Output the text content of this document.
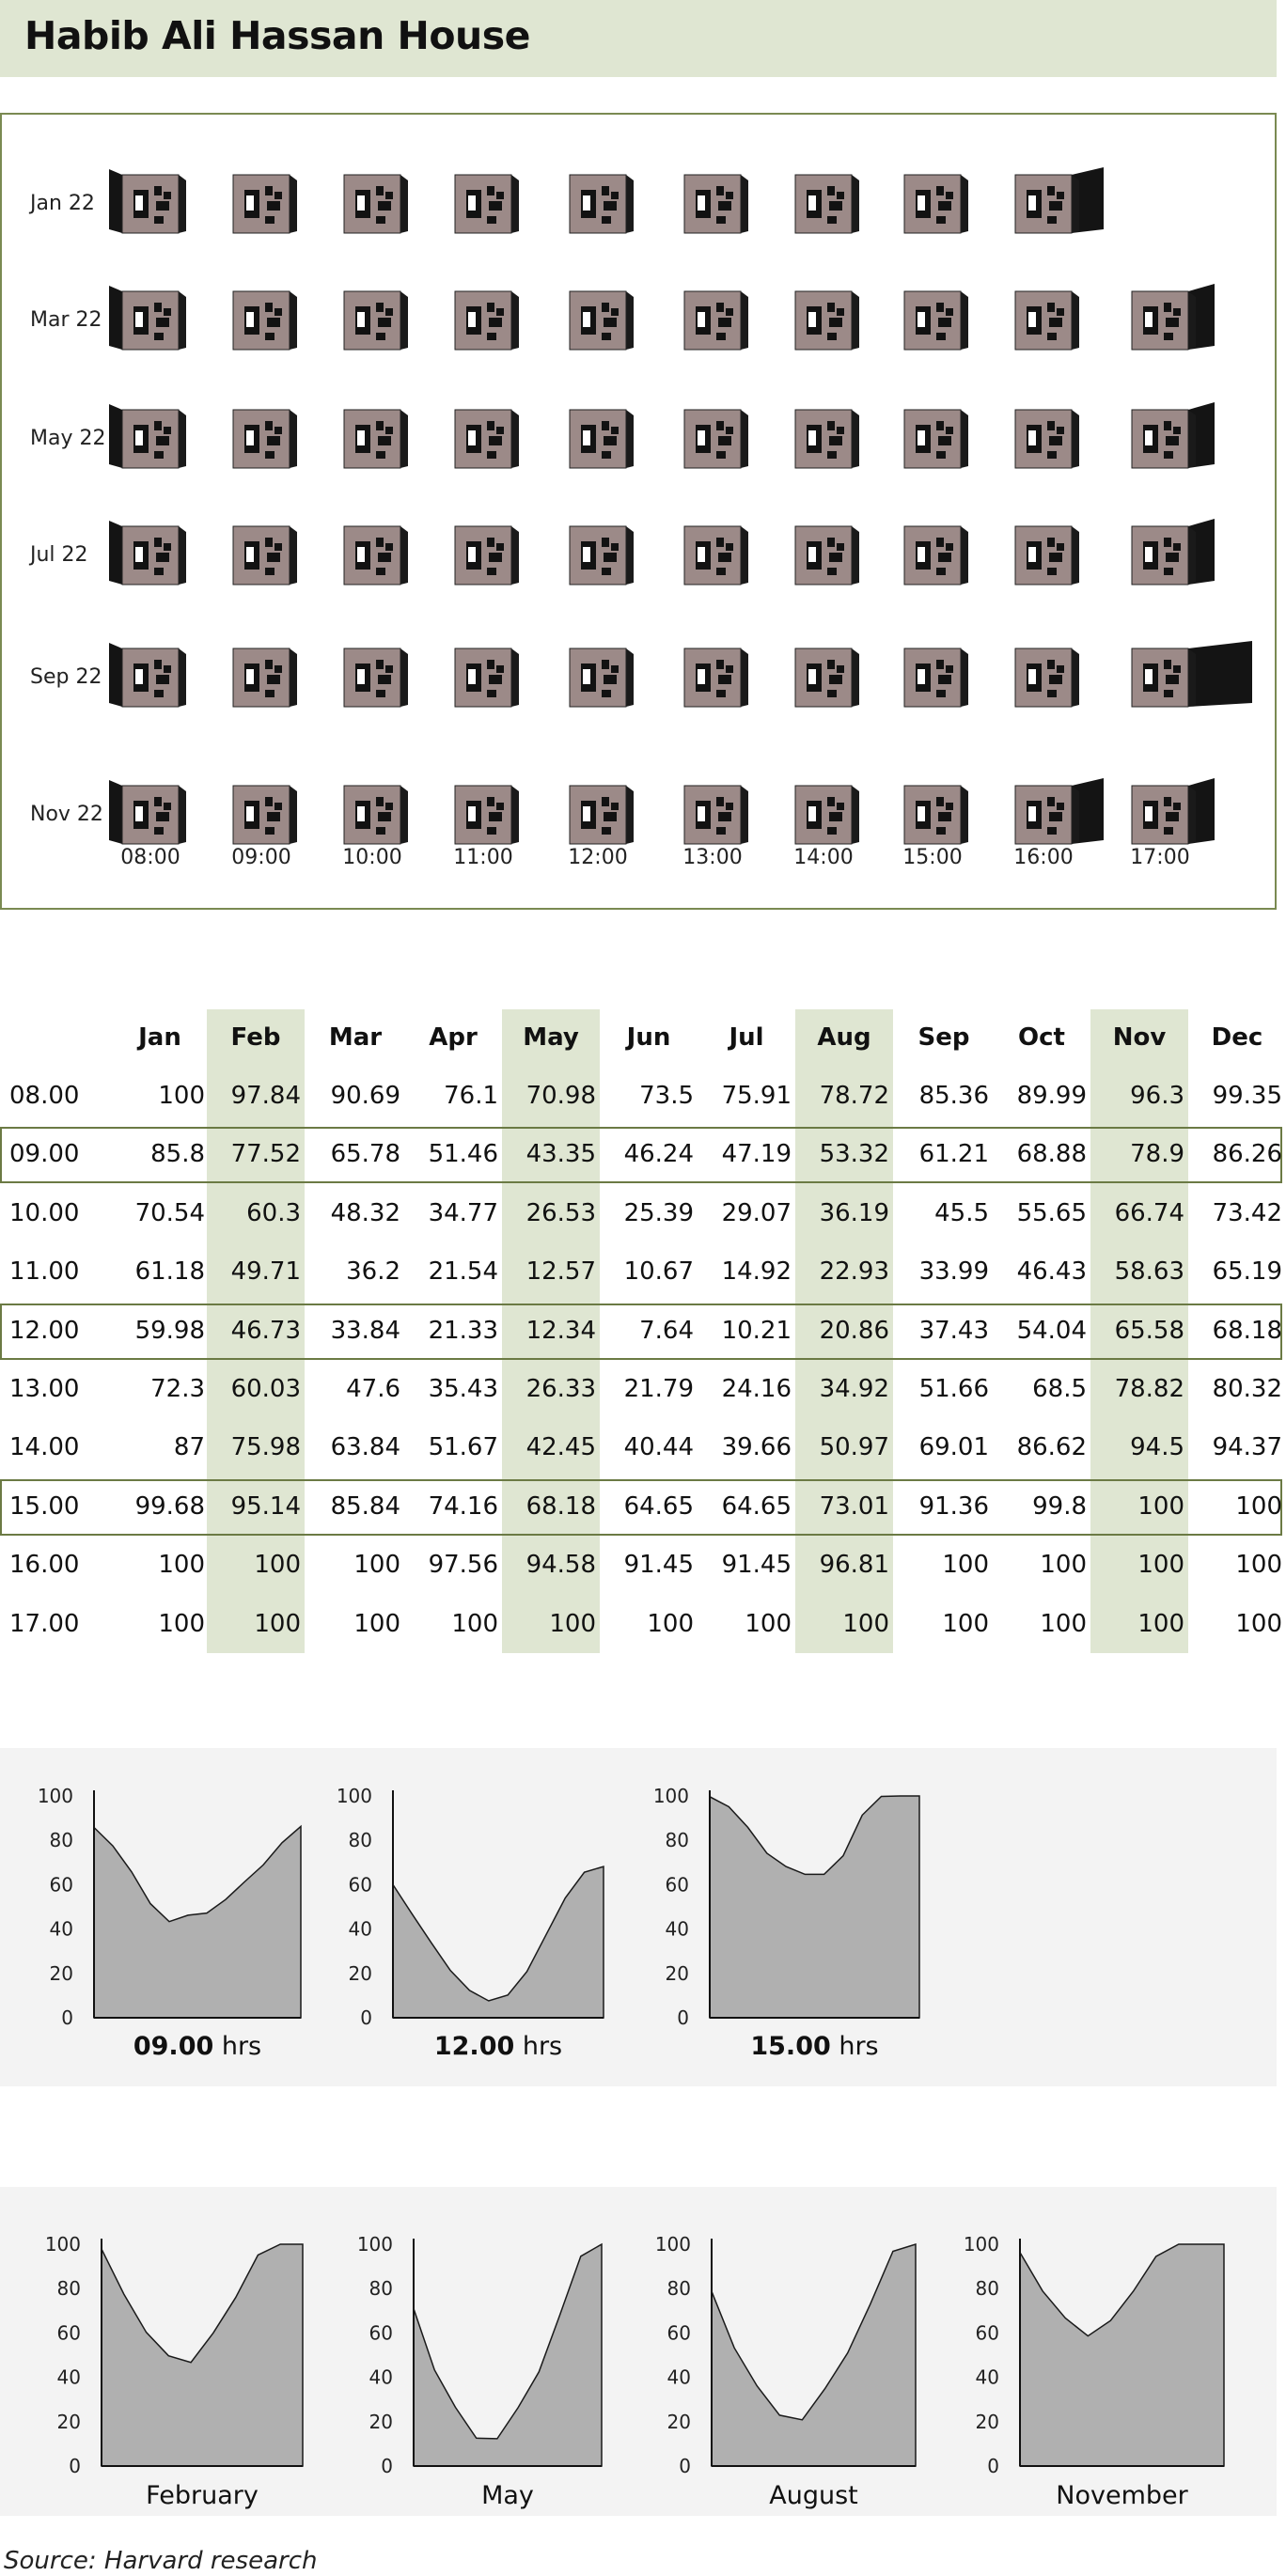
Habib Ali Hassan House
Jan 22
Mar 22
May 22
Jul 22
Sep 22
Nov 22
08:00	09:00	10:00	11:00	12:00	13:00	14:00	15:00	16:00	17:00
Jan	Feb	Mar	Apr	May	Jun	Jul	Aug	Sep	Oct	Nov	Dec
08.00	100	97.84	90.69	76.1	70.98	73.5	75.91	78.72	85.36	89.99	96.3	99.35
09.00	85.8	77.52	65.78	51.46	43.35	46.24	47.19	53.32	61.21	68.88	78.9	86.26
10.00	70.54	60.3	48.32	34.77	26.53	25.39	29.07	36.19	45.5	55.65	66.74	73.42
11.00	61.18	49.71	36.2	21.54	12.57	10.67	14.92	22.93	33.99	46.43	58.63	65.19
12.00	59.98	46.73	33.84	21.33	12.34	7.64	10.21	20.86	37.43	54.04	65.58	68.18
13.00	72.3	60.03	47.6	35.43	26.33	21.79	24.16	34.92	51.66	68.5	78.82	80.32
14.00	87	75.98	63.84	51.67	42.45	40.44	39.66	50.97	69.01	86.62	94.5	94.37
15.00	99.68	95.14	85.84	74.16	68.18	64.65	64.65	73.01	91.36	99.8	100	100
16.00	100	100	100	97.56	94.58	91.45	91.45	96.81	100	100	100	100
17.00	100	100	100	100	100	100	100	100	100	100	100	100
0
20
40
60
80
100
0
20
40
60
80
100
0
20
40
60
80
100
0
20
40
60
80
100
0
20
40
60
80
100
0
20
40
60
80
100
0
20
40
60
80
100
09.00 hrs	12.00 hrs	15.00 hrs
February	May	August	November
Source: Harvard research
